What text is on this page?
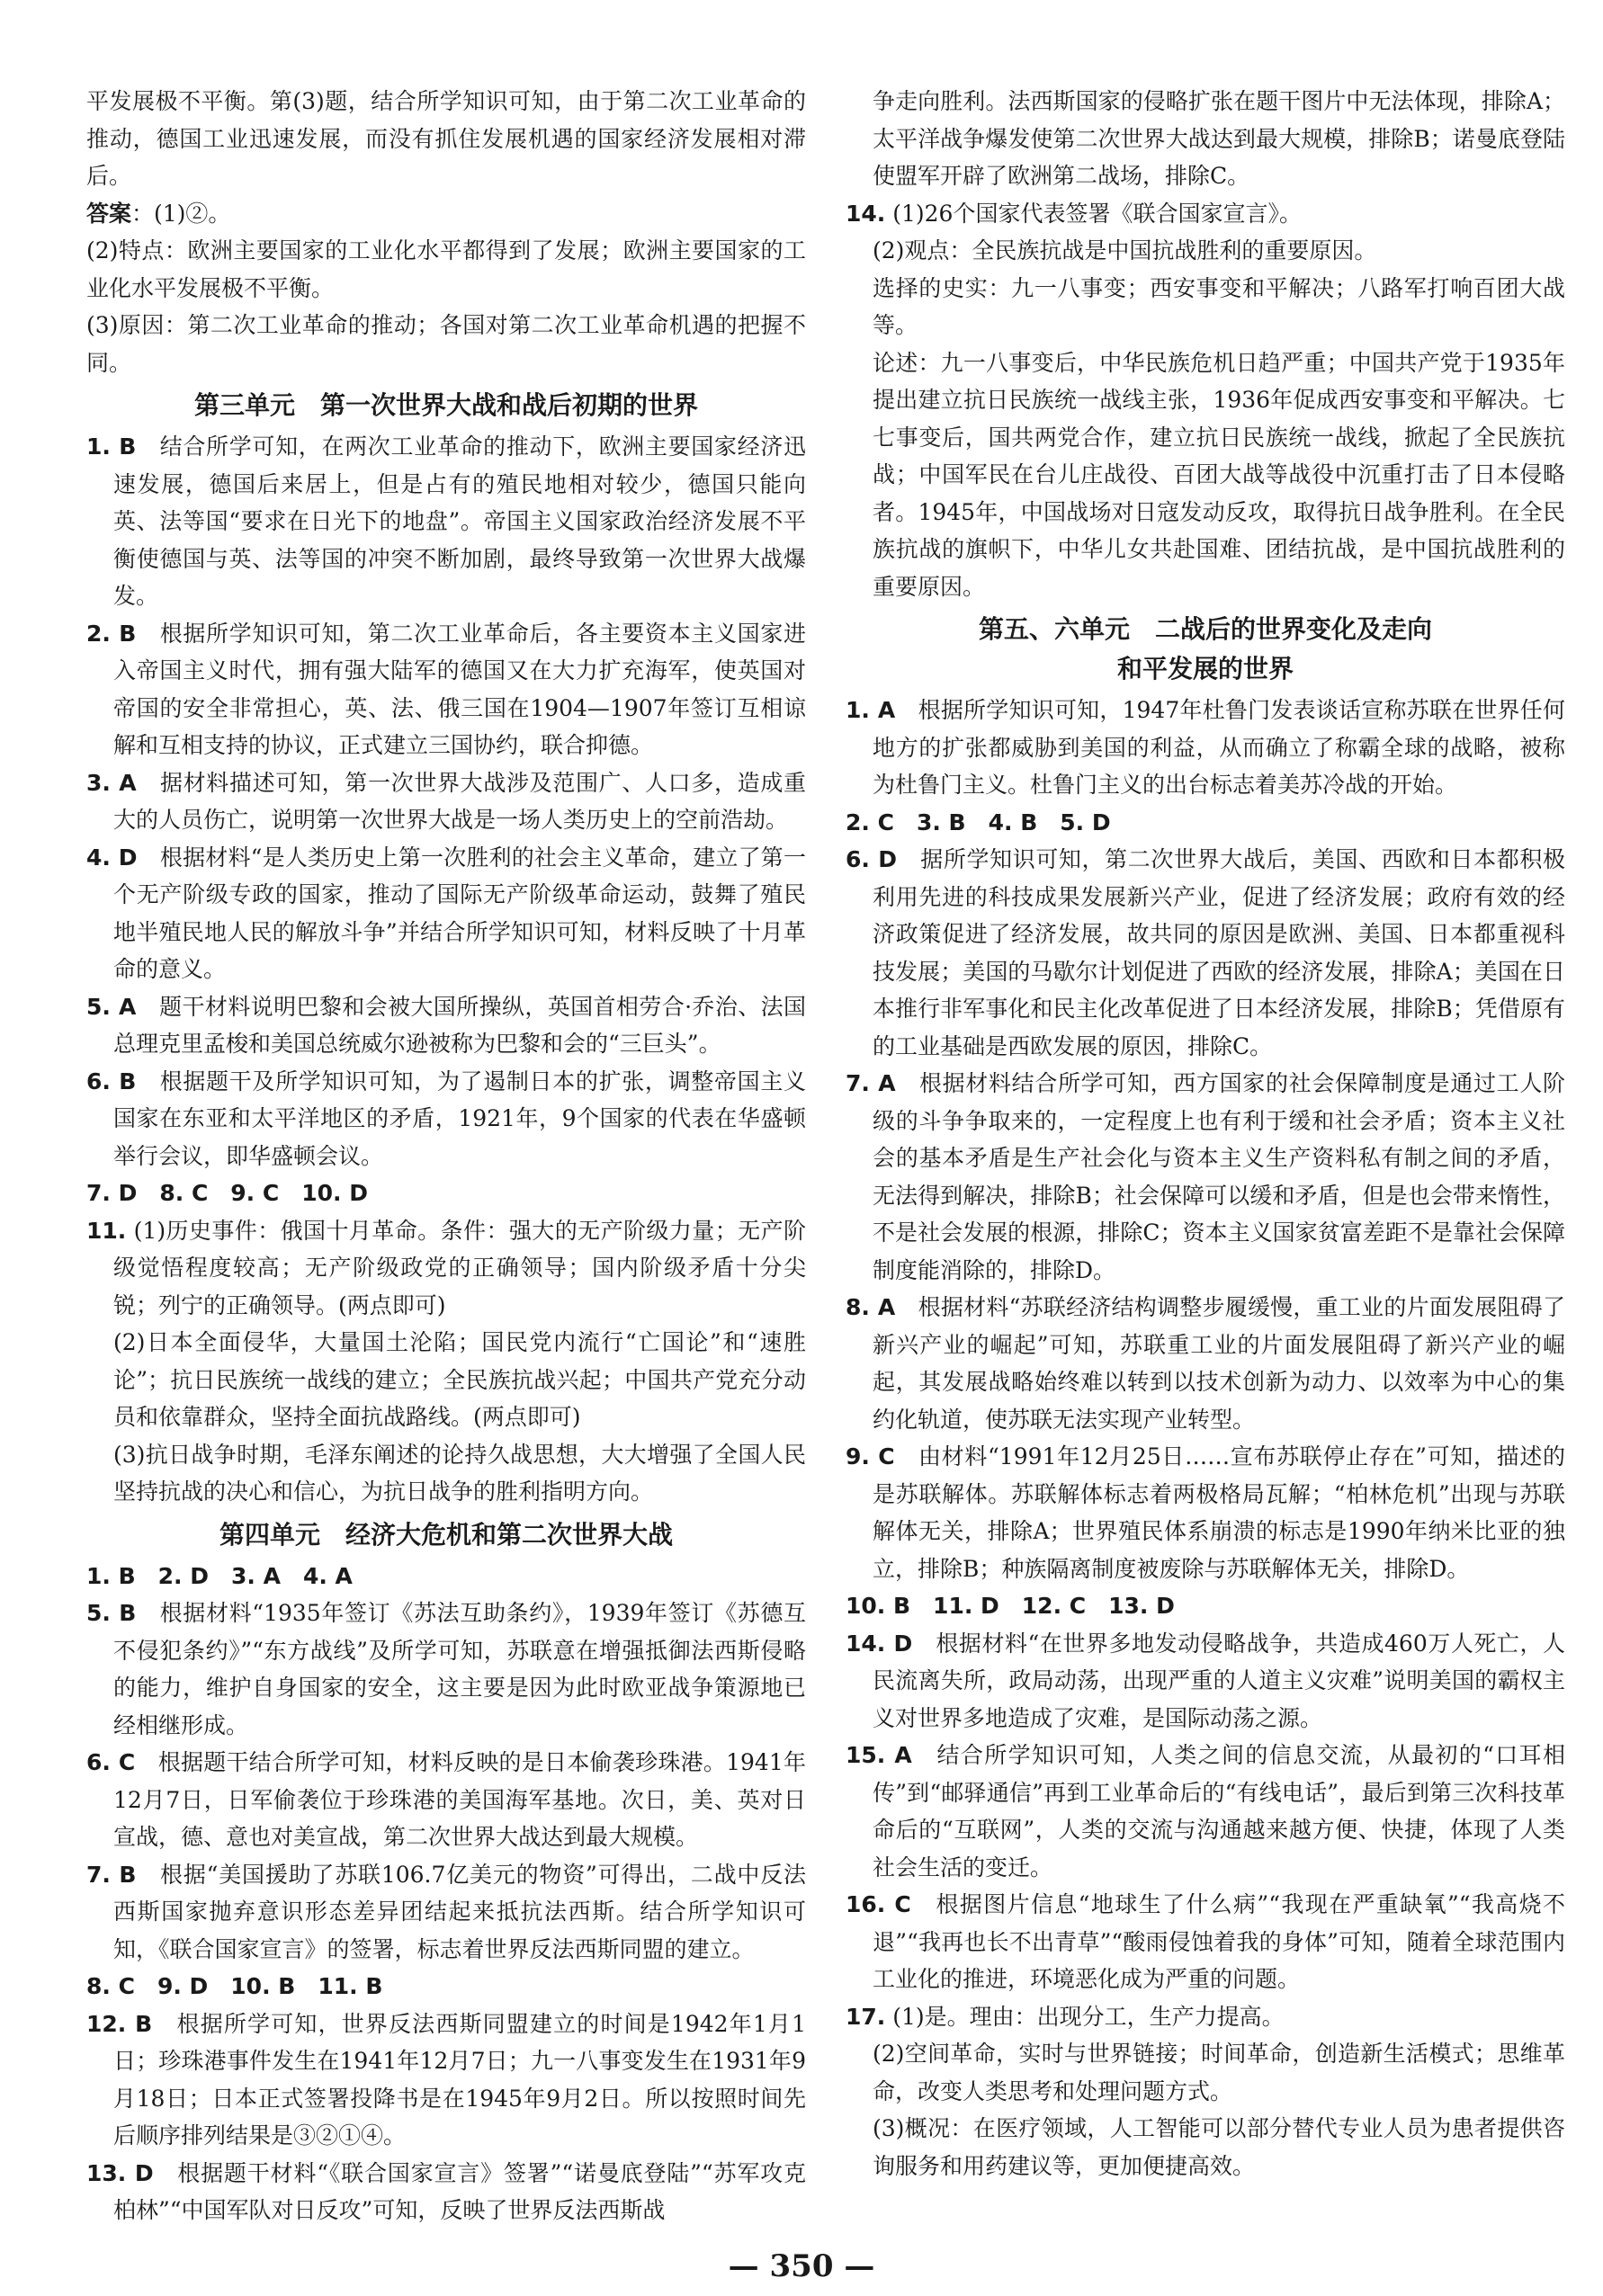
平发展极不平衡。第(3)题，结合所学知识可知，由于第二次工业革命的推动，德国工业迅速发展，而没有抓住发展机遇的国家经济发展相对滞后。

答案：(1)②。

(2)特点：欧洲主要国家的工业化水平都得到了发展；欧洲主要国家的工业化水平发展极不平衡。

(3)原因：第二次工业革命的推动；各国对第二次工业革命机遇的把握不同。

第三单元　第一次世界大战和战后初期的世界

1. B　结合所学可知，在两次工业革命的推动下，欧洲主要国家经济迅速发展，德国后来居上，但是占有的殖民地相对较少，德国只能向英、法等国“要求在日光下的地盘”。帝国主义国家政治经济发展不平衡使德国与英、法等国的冲突不断加剧，最终导致第一次世界大战爆发。

2. B　根据所学知识可知，第二次工业革命后，各主要资本主义国家进入帝国主义时代，拥有强大陆军的德国又在大力扩充海军，使英国对帝国的安全非常担心，英、法、俄三国在1904—1907年签订互相谅解和互相支持的协议，正式建立三国协约，联合抑德。

3. A　据材料描述可知，第一次世界大战涉及范围广、人口多，造成重大的人员伤亡，说明第一次世界大战是一场人类历史上的空前浩劫。

4. D　根据材料“是人类历史上第一次胜利的社会主义革命，建立了第一个无产阶级专政的国家，推动了国际无产阶级革命运动，鼓舞了殖民地半殖民地人民的解放斗争”并结合所学知识可知，材料反映了十月革命的意义。

5. A　题干材料说明巴黎和会被大国所操纵，英国首相劳合·乔治、法国总理克里孟梭和美国总统威尔逊被称为巴黎和会的“三巨头”。

6. B　根据题干及所学知识可知，为了遏制日本的扩张，调整帝国主义国家在东亚和太平洋地区的矛盾，1921年，9个国家的代表在华盛顿举行会议，即华盛顿会议。

7. D　8. C　9. C　10. D

11. (1)历史事件：俄国十月革命。条件：强大的无产阶级力量；无产阶级觉悟程度较高；无产阶级政党的正确领导；国内阶级矛盾十分尖锐；列宁的正确领导。(两点即可)

(2)日本全面侵华，大量国土沦陷；国民党内流行“亡国论”和“速胜论”；抗日民族统一战线的建立；全民族抗战兴起；中国共产党充分动员和依靠群众，坚持全面抗战路线。(两点即可)

(3)抗日战争时期，毛泽东阐述的论持久战思想，大大增强了全国人民坚持抗战的决心和信心，为抗日战争的胜利指明方向。

第四单元　经济大危机和第二次世界大战

1. B　2. D　3. A　4. A

5. B　根据材料“1935年签订《苏法互助条约》，1939年签订《苏德互不侵犯条约》”“东方战线”及所学可知，苏联意在增强抵御法西斯侵略的能力，维护自身国家的安全，这主要是因为此时欧亚战争策源地已经相继形成。

6. C　根据题干结合所学可知，材料反映的是日本偷袭珍珠港。1941年12月7日，日军偷袭位于珍珠港的美国海军基地。次日，美、英对日宣战，德、意也对美宣战，第二次世界大战达到最大规模。

7. B　根据“美国援助了苏联106.7亿美元的物资”可得出，二战中反法西斯国家抛弃意识形态差异团结起来抵抗法西斯。结合所学知识可知，《联合国家宣言》的签署，标志着世界反法西斯同盟的建立。

8. C　9. D　10. B　11. B

12. B　根据所学可知，世界反法西斯同盟建立的时间是1942年1月1日；珍珠港事件发生在1941年12月7日；九一八事变发生在1931年9月18日；日本正式签署投降书是在1945年9月2日。所以按照时间先后顺序排列结果是③②①④。

13. D　根据题干材料“《联合国家宣言》签署”“诺曼底登陆”“苏军攻克柏林”“中国军队对日反攻”可知，反映了世界反法西斯战

争走向胜利。法西斯国家的侵略扩张在题干图片中无法体现，排除A；太平洋战争爆发使第二次世界大战达到最大规模，排除B；诺曼底登陆使盟军开辟了欧洲第二战场，排除C。

14. (1)26个国家代表签署《联合国家宣言》。

(2)观点：全民族抗战是中国抗战胜利的重要原因。

选择的史实：九一八事变；西安事变和平解决；八路军打响百团大战等。

论述：九一八事变后，中华民族危机日趋严重；中国共产党于1935年提出建立抗日民族统一战线主张，1936年促成西安事变和平解决。七七事变后，国共两党合作，建立抗日民族统一战线，掀起了全民族抗战；中国军民在台儿庄战役、百团大战等战役中沉重打击了日本侵略者。1945年，中国战场对日寇发动反攻，取得抗日战争胜利。在全民族抗战的旗帜下，中华儿女共赴国难、团结抗战，是中国抗战胜利的重要原因。

第五、六单元　二战后的世界变化及走向
和平发展的世界

1. A　根据所学知识可知，1947年杜鲁门发表谈话宣称苏联在世界任何地方的扩张都威胁到美国的利益，从而确立了称霸全球的战略，被称为杜鲁门主义。杜鲁门主义的出台标志着美苏冷战的开始。

2. C　3. B　4. B　5. D

6. D　据所学知识可知，第二次世界大战后，美国、西欧和日本都积极利用先进的科技成果发展新兴产业，促进了经济发展；政府有效的经济政策促进了经济发展，故共同的原因是欧洲、美国、日本都重视科技发展；美国的马歇尔计划促进了西欧的经济发展，排除A；美国在日本推行非军事化和民主化改革促进了日本经济发展，排除B；凭借原有的工业基础是西欧发展的原因，排除C。

7. A　根据材料结合所学可知，西方国家的社会保障制度是通过工人阶级的斗争争取来的，一定程度上也有利于缓和社会矛盾；资本主义社会的基本矛盾是生产社会化与资本主义生产资料私有制之间的矛盾，无法得到解决，排除B；社会保障可以缓和矛盾，但是也会带来惰性，不是社会发展的根源，排除C；资本主义国家贫富差距不是靠社会保障制度能消除的，排除D。

8. A　根据材料“苏联经济结构调整步履缓慢，重工业的片面发展阻碍了新兴产业的崛起”可知，苏联重工业的片面发展阻碍了新兴产业的崛起，其发展战略始终难以转到以技术创新为动力、以效率为中心的集约化轨道，使苏联无法实现产业转型。

9. C　由材料“1991年12月25日……宣布苏联停止存在”可知，描述的是苏联解体。苏联解体标志着两极格局瓦解；“柏林危机”出现与苏联解体无关，排除A；世界殖民体系崩溃的标志是1990年纳米比亚的独立，排除B；种族隔离制度被废除与苏联解体无关，排除D。

10. B　11. D　12. C　13. D

14. D　根据材料“在世界多地发动侵略战争，共造成460万人死亡，人民流离失所，政局动荡，出现严重的人道主义灾难”说明美国的霸权主义对世界多地造成了灾难，是国际动荡之源。

15. A　结合所学知识可知，人类之间的信息交流，从最初的“口耳相传”到“邮驿通信”再到工业革命后的“有线电话”，最后到第三次科技革命后的“互联网”，人类的交流与沟通越来越方便、快捷，体现了人类社会生活的变迁。

16. C　根据图片信息“地球生了什么病”“我现在严重缺氧”“我高烧不退”“我再也长不出青草”“酸雨侵蚀着我的身体”可知，随着全球范围内工业化的推进，环境恶化成为严重的问题。

17. (1)是。理由：出现分工，生产力提高。

(2)空间革命，实时与世界链接；时间革命，创造新生活模式；思维革命，改变人类思考和处理问题方式。

(3)概况：在医疗领域，人工智能可以部分替代专业人员为患者提供咨询服务和用药建议等，更加便捷高效。

— 350 —
